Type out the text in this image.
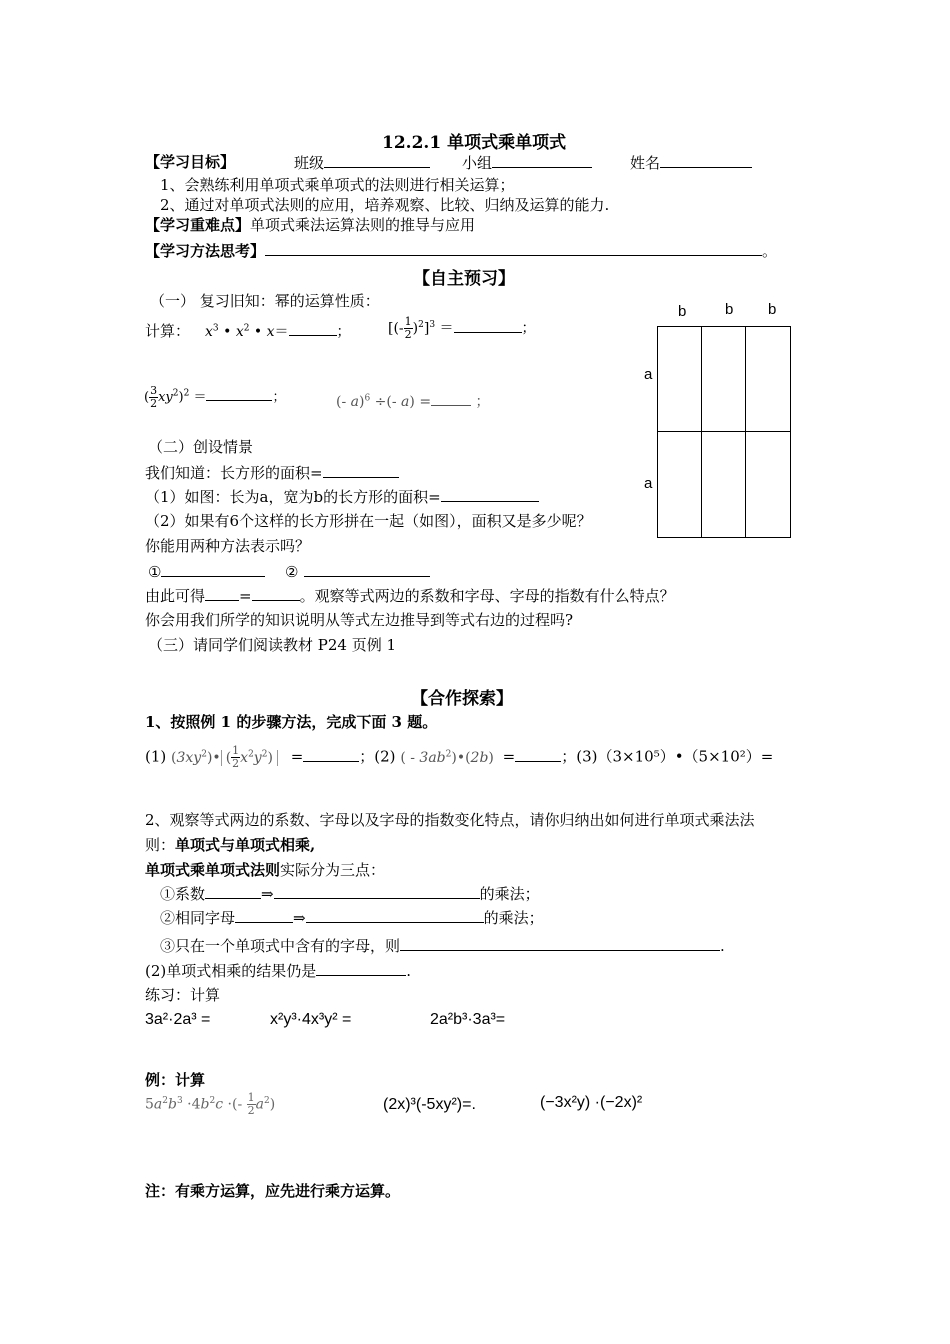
12.2.1 单项式乘单项式
【学习目标】	班级	小组	姓名
1、会熟练利用单项式乘单项式的法则进行相关运算；
2、通过对单项式法则的应用，培养观察、比较、归纳及运算的能力.
【学习重难点】单项式乘法运算法则的推导与应用
【学习方法思考】	。
【自主预习】
（一） 复习旧知：幂的运算性质：
计算： $x^3$ • $x^2$ • x＝	；	[(- $\frac{1}{2} )^2]^3$ ＝	；
( $\frac{3}{2} xy^2)^2$ ＝	；	(- a)$^6$ ÷(- a) =	；
b	b b
a
a
（二）创设情景
我们知道：长方形的面积=
（1）如图：长为a，宽为b的长方形的面积=
（2）如果有6个这样的长方形拼在一起（如图），面积又是多少呢？
你能用两种方法表示吗？
①	②
由此可得 =	。观察等式两边的系数和字母、字母的指数有什么特点？
你会用我们所学的知识说明从等式左边推导到等式右边的过程吗?
（三）请同学们阅读教材 P24 页例 1
【合作探索】
1、按照例 1 的步骤方法，完成下面 3 题。
(1) $(3xy^2)•$ ( $\frac{1}{2} x^2y^2$) =	；(2) ( - $3ab^2)•(2b)$ =	；(3)（3×10⁵）•（5×10²）=
2、观察等式两边的系数、字母以及字母的指数变化特点，请你归纳出如何进行单项式乘法法
则：单项式与单项式相乘,
单项式乘单项式法则实际分为三点：
①系数	⇒	的乘法；
②相同字母	⇒	的乘法；
③只在一个单项式中含有的字母，则	.
(2)单项式相乘的结果仍是	.
练习：计算
3a²·2a³ =	x²y³·4x³y² =	2a²b³·3a³=
例：计算
$5a^2b^3 \cdot 4b^2c$ ·(- $\frac{1}{2} a^2$)	(2x)³(-5xy²)=.	(−3x²y) ·(−2x)²
注：有乘方运算，应先进行乘方运算。
